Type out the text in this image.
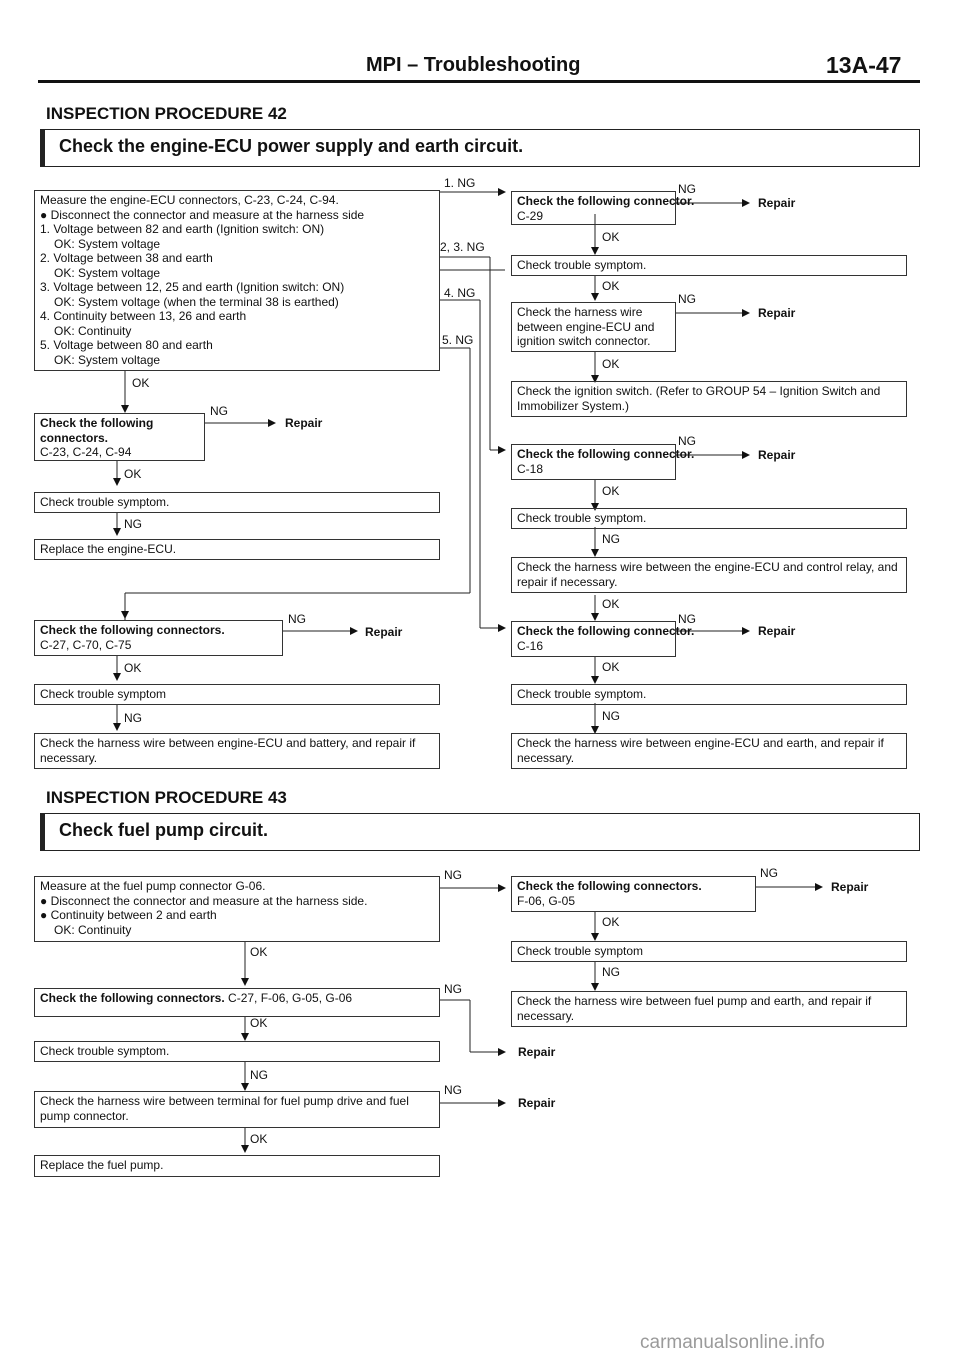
MPI – Troubleshooting	13A-47
INSPECTION PROCEDURE 42
Check the engine-ECU power supply and earth circuit.
Measure the engine-ECU connectors, C-23, C-24, C-94.
● Disconnect the connector and measure at the harness side
1. Voltage between 82 and earth (Ignition switch: ON)
OK: System voltage
2. Voltage between 38 and earth
OK: System voltage
3. Voltage between 12, 25 and earth (Ignition switch: ON)
OK: System voltage (when the terminal 38 is earthed)
4. Continuity between 13, 26 and earth
OK: Continuity
5. Voltage between 80 and earth
OK: System voltage
1. NG
2, 3. NG
4. NG
5. NG
OK
Check the following connectors.
C-23, C-24, C-94
NG
Repair
OK
Check trouble symptom.
NG
Replace the engine-ECU.
Check the following connectors.
C-27, C-70, C-75
NG
Repair
OK
Check trouble symptom
NG
Check the harness wire between engine-ECU and battery, and repair if necessary.
Check the following connector.
C-29
NG
Repair
OK
Check trouble symptom.
OK
Check the harness wire between engine-ECU and ignition switch connector.
NG
Repair
OK
Check the ignition switch. (Refer to GROUP 54 – Ignition Switch and Immobilizer System.)
Check the following connector.
C-18
NG
Repair
OK
Check trouble symptom.
NG
Check the harness wire between the engine-ECU and control relay, and repair if necessary.
OK
Check the following connector.
C-16
NG
Repair
OK
Check trouble symptom.
NG
Check the harness wire between engine-ECU and earth, and repair if necessary.
INSPECTION PROCEDURE 43
Check fuel pump circuit.
Measure at the fuel pump connector G-06.
● Disconnect the connector and measure at the harness side.
● Continuity between 2 and earth
OK: Continuity
NG
OK
Check the following connectors. C-27, F-06, G-05, G-06
NG
OK
Check trouble symptom.
NG
Check the harness wire between terminal for fuel pump drive and fuel pump connector.
NG
Repair
OK
Replace the fuel pump.
Check the following connectors.
F-06, G-05
NG
Repair
OK
Check trouble symptom
NG
Check the harness wire between fuel pump and earth, and repair if necessary.
Repair
carmanualsonline.info
